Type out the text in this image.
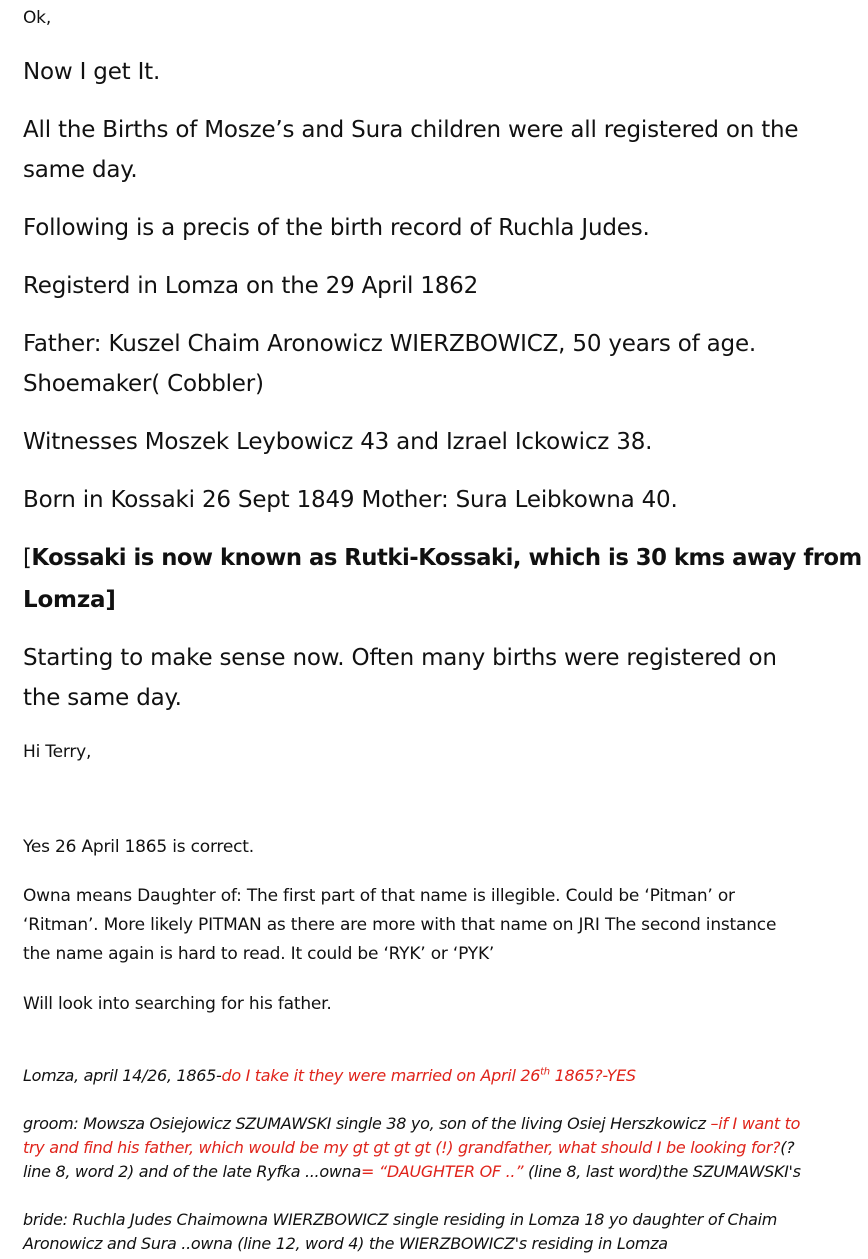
Ok,
Now I get It.
All the Births of Mosze’s and Sura children were all registered on the
same day.
Following is a precis of the birth record of Ruchla Judes.
Registerd in Lomza on the 29 April 1862
Father: Kuszel Chaim Aronowicz WIERZBOWICZ, 50 years of age.
Shoemaker( Cobbler)
Witnesses Moszek Leybowicz 43 and Izrael Ickowicz 38.
Born in Kossaki 26 Sept 1849 Mother: Sura Leibkowna 40.
[Kossaki is now known as Rutki-Kossaki, which is 30 kms away from
Lomza]
Starting to make sense now. Often many births were registered on
the same day.
Hi Terry,
Yes 26 April 1865 is correct.
Owna means Daughter of: The first part of that name is illegible. Could be ‘Pitman’ or
‘Ritman’. More likely PITMAN as there are more with that name on JRI The second instance
the name again is hard to read. It could be ‘RYK’ or ‘PYK’
Will look into searching for his father.
Lomza, april 14/26, 1865-do I take it they were married on April 26th 1865?-YES
groom: Mowsza Osiejowicz SZUMAWSKI single 38 yo, son of the living Osiej Herszkowicz –if I want to
try and find his father, which would be my gt gt gt gt (!) grandfather, what should I be looking for?(?
line 8, word 2) and of the late Ryfka ...owna= “DAUGHTER OF ..” (line 8, last word)the SZUMAWSKI's
bride: Ruchla Judes Chaimowna WIERZBOWICZ single residing in Lomza 18 yo daughter of Chaim
Aronowicz and Sura ..owna (line 12, word 4) the WIERZBOWICZ's residing in Lomza
